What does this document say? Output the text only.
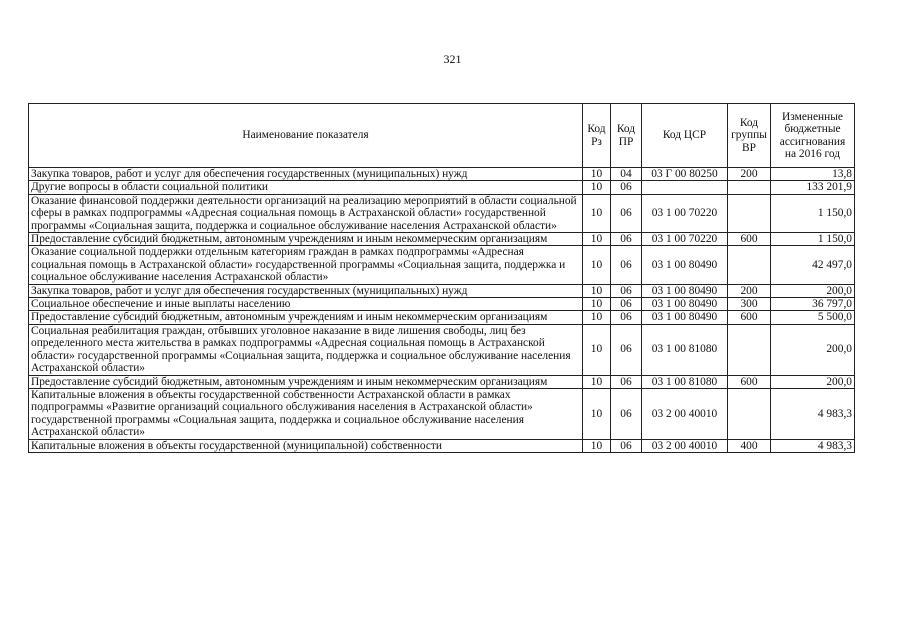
321
Наименование показателя	Код Рз	Код ПР	Код ЦСР	Код группы ВР	Измененные бюджетные ассигнования на 2016 год
Закупка товаров, работ и услуг для обеспечения государственных (муниципальных) нужд	10	04	03 Г 00 80250	200	13,8
Другие вопросы в области социальной политики	10	06			133 201,9
Оказание финансовой поддержки деятельности организаций на реализацию мероприятий в области социальной сферы в рамках подпрограммы «Адресная социальная помощь в Астраханской области» государственной программы «Социальная защита, поддержка и социальное обслуживание населения Астраханской области»	10	06	03 1 00 70220		1 150,0
Предоставление субсидий бюджетным, автономным учреждениям и иным некоммерческим организациям	10	06	03 1 00 70220	600	1 150,0
Оказание социальной поддержки отдельным категориям граждан в рамках подпрограммы «Адресная социальная помощь в Астраханской области» государственной программы «Социальная защита, поддержка и социальное обслуживание населения Астраханской области»	10	06	03 1 00 80490		42 497,0
Закупка товаров, работ и услуг для обеспечения государственных (муниципальных) нужд	10	06	03 1 00 80490	200	200,0
Социальное обеспечение и иные выплаты населению	10	06	03 1 00 80490	300	36 797,0
Предоставление субсидий бюджетным, автономным учреждениям и иным некоммерческим организациям	10	06	03 1 00 80490	600	5 500,0
Социальная реабилитация граждан, отбывших уголовное наказание в виде лишения свободы, лиц без определенного места жительства в рамках подпрограммы «Адресная социальная помощь в Астраханской области» государственной программы «Социальная защита, поддержка и социальное обслуживание населения Астраханской области»	10	06	03 1 00 81080		200,0
Предоставление субсидий бюджетным, автономным учреждениям и иным некоммерческим организациям	10	06	03 1 00 81080	600	200,0
Капитальные вложения в объекты государственной собственности Астраханской области в рамках подпрограммы «Развитие организаций социального обслуживания населения в Астраханской области» государственной программы «Социальная защита, поддержка и социальное обслуживание населения Астраханской области»	10	06	03 2 00 40010		4 983,3
Капитальные вложения в объекты государственной (муниципальной) собственности	10	06	03 2 00 40010	400	4 983,3
